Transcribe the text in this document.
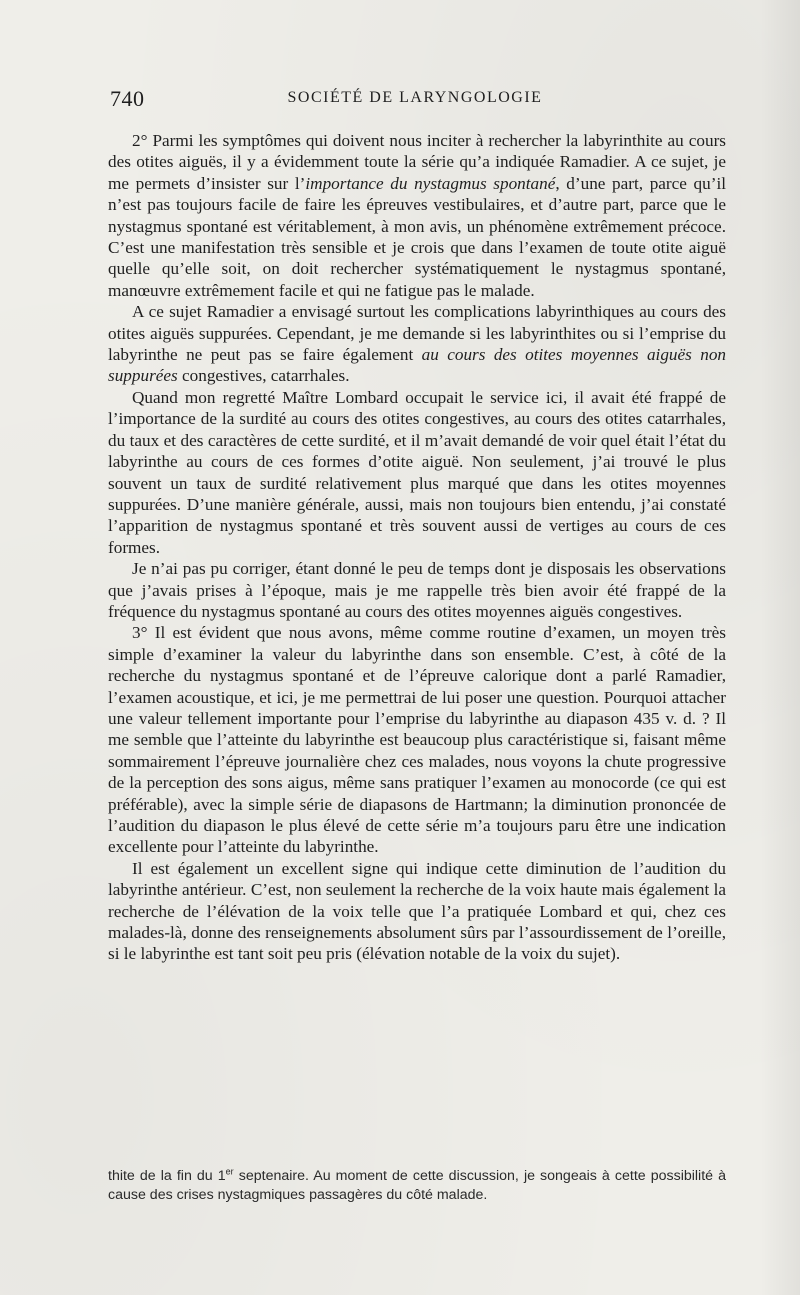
740	SOCIÉTÉ DE LARYNGOLOGIE

2° Parmi les symptômes qui doivent nous inciter à rechercher la labyrinthite au cours des otites aiguës, il y a évidemment toute la série qu’a indiquée Ramadier. A ce sujet, je me permets d’insister sur l’importance du nystagmus spontané, d’une part, parce qu’il n’est pas toujours facile de faire les épreuves vestibulaires, et d’autre part, parce que le nystagmus spontané est véritablement, à mon avis, un phénomène extrêmement précoce. C’est une manifestation très sensible et je crois que dans l’examen de toute otite aiguë quelle qu’elle soit, on doit rechercher systématiquement le nystagmus spontané, manœuvre extrêmement facile et qui ne fatigue pas le malade.

A ce sujet Ramadier a envisagé surtout les complications labyrinthiques au cours des otites aiguës suppurées. Cependant, je me demande si les labyrinthites ou si l’emprise du labyrinthe ne peut pas se faire également au cours des otites moyennes aiguës non suppurées congestives, catarrhales.

Quand mon regretté Maître Lombard occupait le service ici, il avait été frappé de l’importance de la surdité au cours des otites congestives, au cours des otites catarrhales, du taux et des caractères de cette surdité, et il m’avait demandé de voir quel était l’état du labyrinthe au cours de ces formes d’otite aiguë. Non seulement, j’ai trouvé le plus souvent un taux de surdité relativement plus marqué que dans les otites moyennes suppurées. D’une manière générale, aussi, mais non toujours bien entendu, j’ai constaté l’apparition de nystagmus spontané et très souvent aussi de vertiges au cours de ces formes.

Je n’ai pas pu corriger, étant donné le peu de temps dont je disposais les observations que j’avais prises à l’époque, mais je me rappelle très bien avoir été frappé de la fréquence du nystagmus spontané au cours des otites moyennes aiguës congestives.

3° Il est évident que nous avons, même comme routine d’examen, un moyen très simple d’examiner la valeur du labyrinthe dans son ensemble. C’est, à côté de la recherche du nystagmus spontané et de l’épreuve calorique dont a parlé Ramadier, l’examen acoustique, et ici, je me permettrai de lui poser une question. Pourquoi attacher une valeur tellement importante pour l’emprise du labyrinthe au diapason 435 v. d. ? Il me semble que l’atteinte du labyrinthe est beaucoup plus caractéristique si, faisant même sommairement l’épreuve journalière chez ces malades, nous voyons la chute progressive de la perception des sons aigus, même sans pratiquer l’examen au monocorde (ce qui est préférable), avec la simple série de diapasons de Hartmann; la diminution prononcée de l’audition du diapason le plus élevé de cette série m’a toujours paru être une indication excellente pour l’atteinte du labyrinthe.

Il est également un excellent signe qui indique cette diminution de l’audition du labyrinthe antérieur. C’est, non seulement la recherche de la voix haute mais également la recherche de l’élévation de la voix telle que l’a pratiquée Lombard et qui, chez ces malades-là, donne des renseignements absolument sûrs par l’assourdissement de l’oreille, si le labyrinthe est tant soit peu pris (élévation notable de la voix du sujet).

thite de la fin du 1er septenaire. Au moment de cette discussion, je songeais à cette possibilité à cause des crises nystagmiques passagères du côté malade.
